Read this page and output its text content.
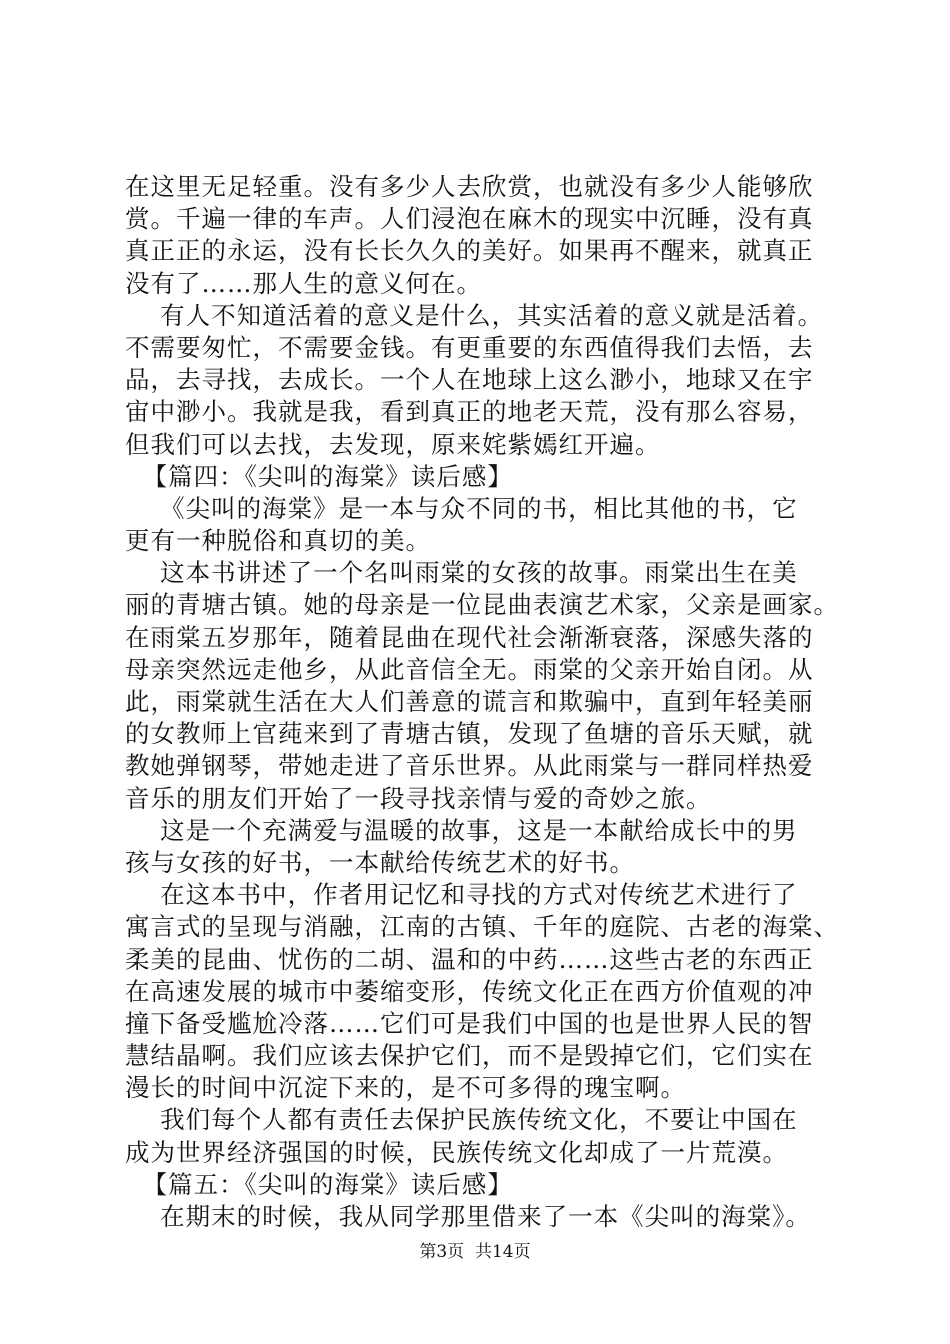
在这里无足轻重。没有多少人去欣赏，也就没有多少人能够欣
赏。千遍一律的车声。人们浸泡在麻木的现实中沉睡，没有真
真正正的永运，没有长长久久的美好。如果再不醒来，就真正
没有了……那人生的意义何在。
有人不知道活着的意义是什么，其实活着的意义就是活着。
不需要匆忙，不需要金钱。有更重要的东西值得我们去悟，去
品，去寻找，去成长。一个人在地球上这么渺小，地球又在宇
宙中渺小。我就是我，看到真正的地老天荒，没有那么容易，
但我们可以去找，去发现，原来姹紫嫣红开遍。
【篇四：《尖叫的海棠》读后感】
《尖叫的海棠》是一本与众不同的书，相比其他的书，它
更有一种脱俗和真切的美。
这本书讲述了一个名叫雨棠的女孩的故事。雨棠出生在美
丽的青塘古镇。她的母亲是一位昆曲表演艺术家，父亲是画家。
在雨棠五岁那年，随着昆曲在现代社会渐渐衰落，深感失落的
母亲突然远走他乡，从此音信全无。雨棠的父亲开始自闭。从
此，雨棠就生活在大人们善意的谎言和欺骗中，直到年轻美丽
的女教师上官莼来到了青塘古镇，发现了鱼塘的音乐天赋，就
教她弹钢琴，带她走进了音乐世界。从此雨棠与一群同样热爱
音乐的朋友们开始了一段寻找亲情与爱的奇妙之旅。
这是一个充满爱与温暖的故事，这是一本献给成长中的男
孩与女孩的好书，一本献给传统艺术的好书。
在这本书中，作者用记忆和寻找的方式对传统艺术进行了
寓言式的呈现与消融，江南的古镇、千年的庭院、古老的海棠、
柔美的昆曲、忧伤的二胡、温和的中药……这些古老的东西正
在高速发展的城市中萎缩变形，传统文化正在西方价值观的冲
撞下备受尴尬冷落……它们可是我们中国的也是世界人民的智
慧结晶啊。我们应该去保护它们，而不是毁掉它们，它们实在
漫长的时间中沉淀下来的，是不可多得的瑰宝啊。
我们每个人都有责任去保护民族传统文化，不要让中国在
成为世界经济强国的时候，民族传统文化却成了一片荒漠。
【篇五：《尖叫的海棠》读后感】
在期末的时候，我从同学那里借来了一本《尖叫的海棠》。
第3页  共14页
